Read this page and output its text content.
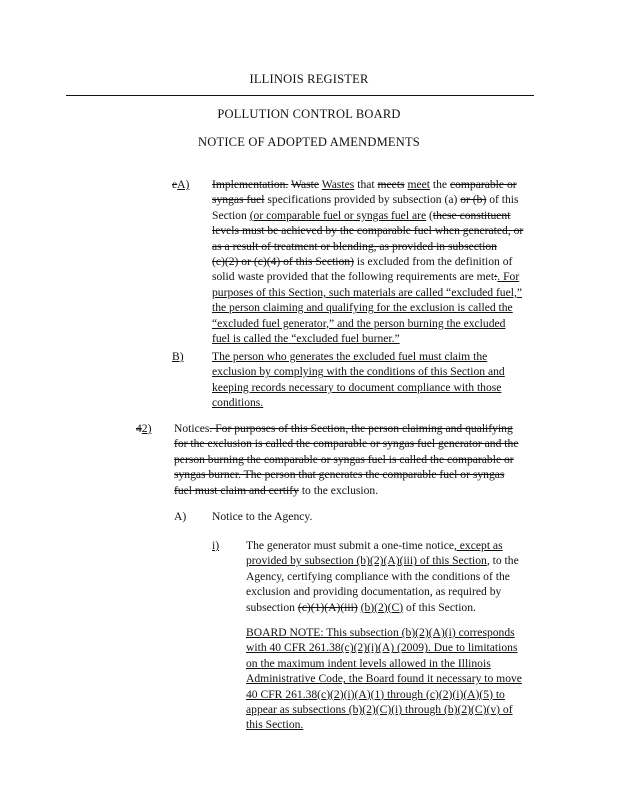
ILLINOIS REGISTER
POLLUTION CONTROL BOARD
NOTICE OF ADOPTED AMENDMENTS
eA) Implementation. Waste Wastes that meets meet the comparable or
syngas fuel specifications provided by subsection (a) or (b) of this
Section (or comparable fuel or syngas fuel are (these constituent
levels must be achieved by the comparable fuel when generated, or
as a result of treatment or blending, as provided in subsection
(c)(2) or (c)(4) of this Section) is excluded from the definition of
solid waste provided that the following requirements are met:. For
purposes of this Section, such materials are called “excluded fuel,”
the person claiming and qualifying for the exclusion is called the
“excluded fuel generator,” and the person burning the excluded
fuel is called the “excluded fuel burner.”
B) The person who generates the excluded fuel must claim the
exclusion by complying with the conditions of this Section and
keeping records necessary to document compliance with those
conditions.
42) Notices. For purposes of this Section, the person claiming and qualifying
for the exclusion is called the comparable or syngas fuel generator and the
person burning the comparable or syngas fuel is called the comparable or
syngas burner. The person that generates the comparable fuel or syngas
fuel must claim and certify to the exclusion.
A) Notice to the Agency.
i) The generator must submit a one-time notice, except as
provided by subsection (b)(2)(A)(iii) of this Section, to the
Agency, certifying compliance with the conditions of the
exclusion and providing documentation, as required by
subsection (c)(1)(A)(iii) (b)(2)(C) of this Section.
BOARD NOTE: This subsection (b)(2)(A)(i) corresponds
with 40 CFR 261.38(c)(2)(i)(A) (2009). Due to limitations
on the maximum indent levels allowed in the Illinois
Administrative Code, the Board found it necessary to move
40 CFR 261.38(c)(2)(i)(A)(1) through (c)(2)(i)(A)(5) to
appear as subsections (b)(2)(C)(i) through (b)(2)(C)(v) of
this Section.
